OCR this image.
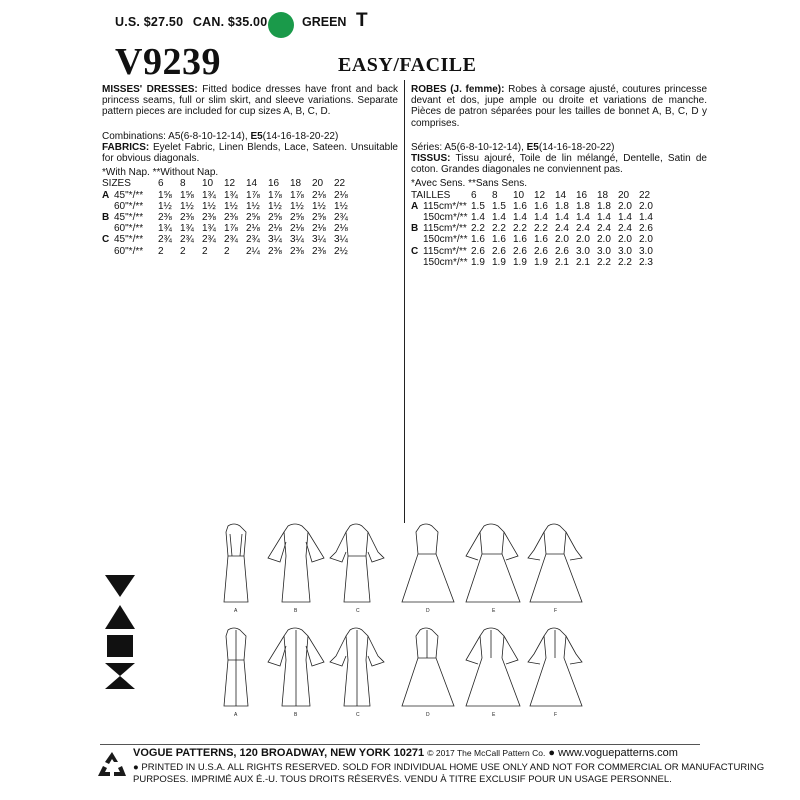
U.S. $27.50 CAN. $35.00	GREEN T
V9239	EASY/FACILE

MISSES' DRESSES: Fitted bodice dresses have front and back princess seams, full or slim skirt, and sleeve variations. Separate pattern pieces are included for cup sizes A, B, C, D.

Combinations: A5(6-8-10-12-14), E5(14-16-18-20-22)

FABRICS: Eyelet Fabric, Linen Blends, Lace, Sateen. Unsuitable for obvious diagonals.

*With Nap. **Without Nap.
SIZES		6	8	10	12	14	16	18	20	22
A	45"*/**	1⅝	1⅝	1¾	1¾	1⅞	1⅞	1⅞	2⅛	2⅛
	60"*/**	1½	1½	1½	1½	1½	1½	1½	1½	1½
B	45"*/**	2⅜	2⅜	2⅜	2⅜	2⅝	2⅝	2⅝	2⅝	2¾
	60"*/**	1¾	1¾	1¾	1⅞	2⅛	2⅛	2⅛	2⅛	2⅛
C	45"*/**	2¾	2¾	2¾	2¾	2¾	3¼	3¼	3¼	3¼
	60"*/**	2	2	2	2	2¼	2⅜	2⅜	2⅜	2½

ROBES (J. femme): Robes à corsage ajusté, coutures princesse devant et dos, jupe ample ou droite et variations de manche. Pièces de patron séparées pour les tailles de bonnet A, B, C, D y comprises.

Séries: A5(6-8-10-12-14), E5(14-16-18-20-22)

TISSUS: Tissu ajouré, Toile de lin mélangé, Dentelle, Satin de coton. Grandes diagonales ne conviennent pas.

*Avec Sens. **Sans Sens.
TAILLES		6	8	10	12	14	16	18	20	22
A	115cm*/**	1.5	1.5	1.6	1.6	1.8	1.8	1.8	2.0	2.0
	150cm*/**	1.4	1.4	1.4	1.4	1.4	1.4	1.4	1.4	1.4
B	115cm*/**	2.2	2.2	2.2	2.2	2.4	2.4	2.4	2.4	2.6
	150cm*/**	1.6	1.6	1.6	1.6	2.0	2.0	2.0	2.0	2.0
C	115cm*/**	2.6	2.6	2.6	2.6	2.6	3.0	3.0	3.0	3.0
	150cm*/**	1.9	1.9	1.9	1.9	2.1	2.1	2.2	2.2	2.3
A	B	C	D	E	F
A	B	C	D	E	F
VOGUE PATTERNS, 120 BROADWAY, NEW YORK 10271 © 2017 The McCall Pattern Co. ● www.voguepatterns.com
● PRINTED IN U.S.A. ALL RIGHTS RESERVED. SOLD FOR INDIVIDUAL HOME USE ONLY AND NOT FOR COMMERCIAL OR MANUFACTURING
PURPOSES. IMPRIMÉ AUX É.-U. TOUS DROITS RÉSERVÉS. VENDU À TITRE EXCLUSIF POUR UN USAGE PERSONNEL.
